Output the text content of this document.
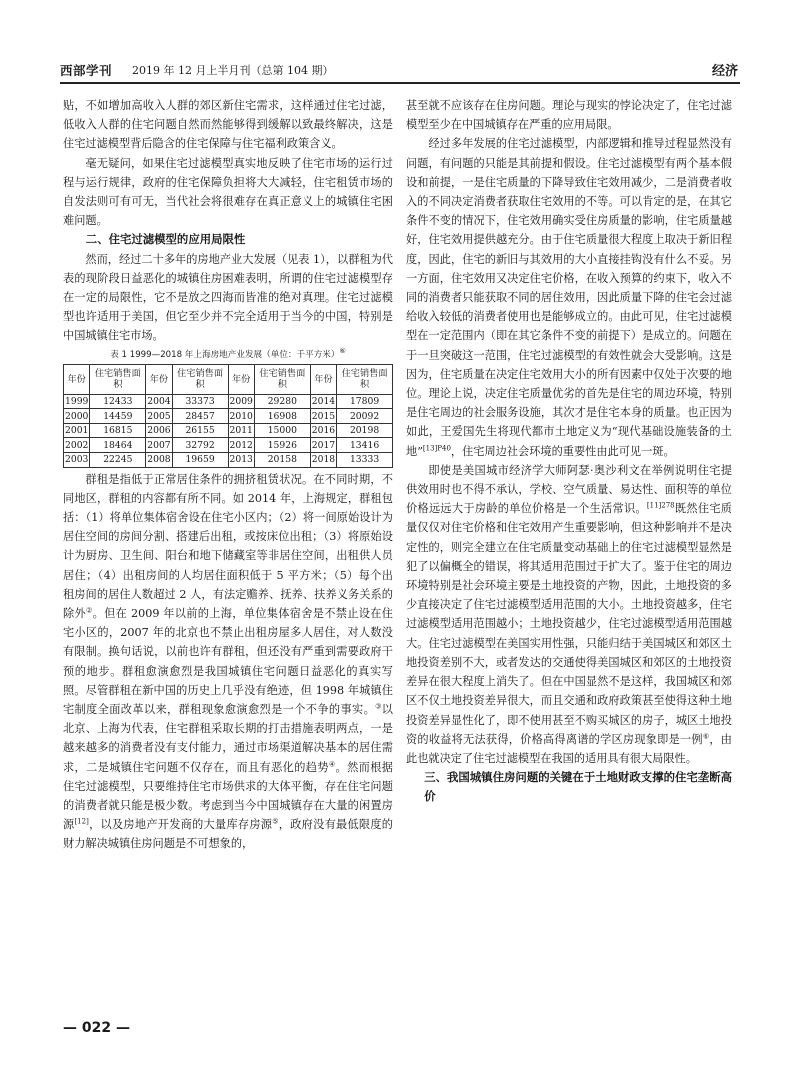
西部学刊 2019 年 12 月上半月刊（总第 104 期）	经济

贴，不如增加高收入人群的郊区新住宅需求，这样通过住宅过滤，低收入人群的住宅问题自然而然能够得到缓解以致最终解决，这是住宅过滤模型背后隐含的住宅保障与住宅福利政策含义。

毫无疑问，如果住宅过滤模型真实地反映了住宅市场的运行过程与运行规律，政府的住宅保障负担将大大减轻，住宅租赁市场的自发法则可有可无，当代社会将很难存在真正意义上的城镇住宅困难问题。

二、住宅过滤模型的应用局限性

然而，经过二十多年的房地产业大发展（见表 1），以群租为代表的现阶段日益恶化的城镇住房困难表明，所谓的住宅过滤模型存在一定的局限性，它不是放之四海而皆准的绝对真理。住宅过滤模型也许适用于美国，但它至少并不完全适用于当今的中国，特别是中国城镇住宅市场。

表 1 1999—2018 年上海房地产业发展（单位：千平方米）⑥
年份	住宅销售面积	年份	住宅销售面积	年份	住宅销售面积	年份	住宅销售面积
1999	12433	2004	33373	2009	29280	2014	17809
2000	14459	2005	28457	2010	16908	2015	20092
2001	16815	2006	26155	2011	15000	2016	20198
2002	18464	2007	32792	2012	15926	2017	13416
2003	22245	2008	19659	2013	20158	2018	13333

群租是指低于正常居住条件的拥挤租赁状况。在不同时期，不同地区，群租的内容都有所不同。如 2014 年，上海规定，群租包括：（1）将单位集体宿舍设在住宅小区内；（2）将一间原始设计为居住空间的房间分割、搭建后出租，或按床位出租；（3）将原始设计为厨房、卫生间、阳台和地下储藏室等非居住空间，出租供人员居住；（4）出租房间的人均居住面积低于 5 平方米；（5）每个出租房间的居住人数超过 2 人，有法定赡养、抚养、扶养义务关系的除外②。但在 2009 年以前的上海，单位集体宿舍是不禁止设在住宅小区的，2007 年的北京也不禁止出租房屋多人居住，对人数没有限制。换句话说，以前也许有群租，但还没有严重到需要政府干预的地步。群租愈演愈烈是我国城镇住宅问题日益恶化的真实写照。尽管群租在新中国的历史上几乎没有绝迹，但 1998 年城镇住宅制度全面改革以来，群租现象愈演愈烈是一个不争的事实。③以北京、上海为代表，住宅群租采取长期的打击措施表明两点，一是越来越多的消费者没有支付能力，通过市场渠道解决基本的居住需求，二是城镇住宅问题不仅存在，而且有恶化的趋势④。然而根据住宅过滤模型，只要维持住宅市场供求的大体平衡，存在住宅问题的消费者就只能是极少数。考虑到当今中国城镇存在大量的闲置房源[12]，以及房地产开发商的大量库存房源⑤，政府没有最低限度的财力解决城镇住房问题是不可想象的，

甚至就不应该存在住房问题。理论与现实的悖论决定了，住宅过滤模型至少在中国城镇存在严重的应用局限。

经过多年发展的住宅过滤模型，内部逻辑和推导过程显然没有问题，有问题的只能是其前提和假设。住宅过滤模型有两个基本假设和前提，一是住宅质量的下降导致住宅效用减少，二是消费者收入的不同决定消费者获取住宅效用的不等。可以肯定的是，在其它条件不变的情况下，住宅效用确实受住房质量的影响，住宅质量越好，住宅效用提供越充分。由于住宅质量很大程度上取决于新旧程度，因此，住宅的新旧与其效用的大小直接挂钩没有什么不妥。另一方面，住宅效用又决定住宅价格，在收入预算的约束下，收入不同的消费者只能获取不同的居住效用，因此质量下降的住宅会过滤给收入较低的消费者使用也是能够成立的。由此可见，住宅过滤模型在一定范围内（即在其它条件不变的前提下）是成立的。问题在于一旦突破这一范围，住宅过滤模型的有效性就会大受影响。这是因为，住宅质量在决定住宅效用大小的所有因素中仅处于次要的地位。理论上说，决定住宅质量优劣的首先是住宅的周边环境，特别是住宅周边的社会服务设施，其次才是住宅本身的质量。也正因为如此，王爱国先生将现代都市土地定义为“现代基础设施装备的土地”$^{[13]P40}$，住宅周边社会环境的重要性由此可见一斑。

即使是美国城市经济学大师阿瑟·奥沙利文在举例说明住宅提供效用时也不得不承认，学校、空气质量、易达性、面积等的单位价格远远大于房龄的单位价格是一个生活常识。$^{[11]278}$既然住宅质量仅仅对住宅价格和住宅效用产生重要影响，但这种影响并不是决定性的，则完全建立在住宅质量变动基础上的住宅过滤模型显然是犯了以偏概全的错误，将其适用范围过于扩大了。鉴于住宅的周边环境特别是社会环境主要是土地投资的产物，因此，土地投资的多少直接决定了住宅过滤模型适用范围的大小。土地投资越多，住宅过滤模型适用范围越小；土地投资越少，住宅过滤模型适用范围越大。住宅过滤模型在美国实用性强，只能归结于美国城区和郊区土地投资差别不大，或者发达的交通使得美国城区和郊区的土地投资差异在很大程度上消失了。但在中国显然不是这样，我国城区和郊区不仅土地投资差异很大，而且交通和政府政策甚至使得这种土地投资差异显性化了，即不使用甚至不购买城区的房子，城区土地投资的收益将无法获得，价格高得离谱的学区房现象即是一例⑥，由此也就决定了住宅过滤模型在我国的适用具有很大局限性。

三、我国城镇住房问题的关键在于土地财政支撑的住宅垄断高价
— 022 —
